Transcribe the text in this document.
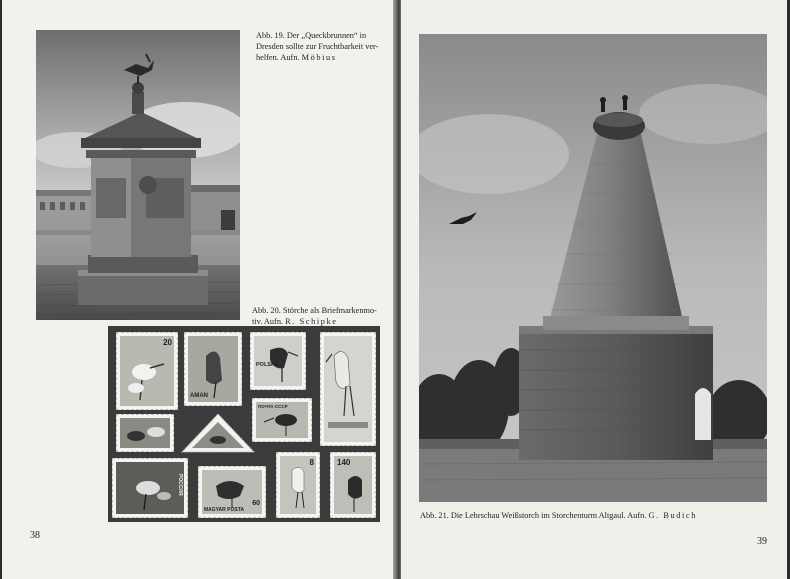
Abb. 19. Der „Queckbrunnen“ in
Dresden sollte zur Fruchtbarkeit ver-
helfen. Aufn. Möbius
Abb. 20. Störche als Briefmarkenmo-
tiv. Aufn. R. Schipke
20
AMAN
POLSKA
ПОЧТА СССР
РОССИЯ
MAGYAR POSTA
60
8	140
38
Abb. 21. Die Lehrschau Weißstorch im Storchenturm Altgaul. Aufn. G. Budich
39
